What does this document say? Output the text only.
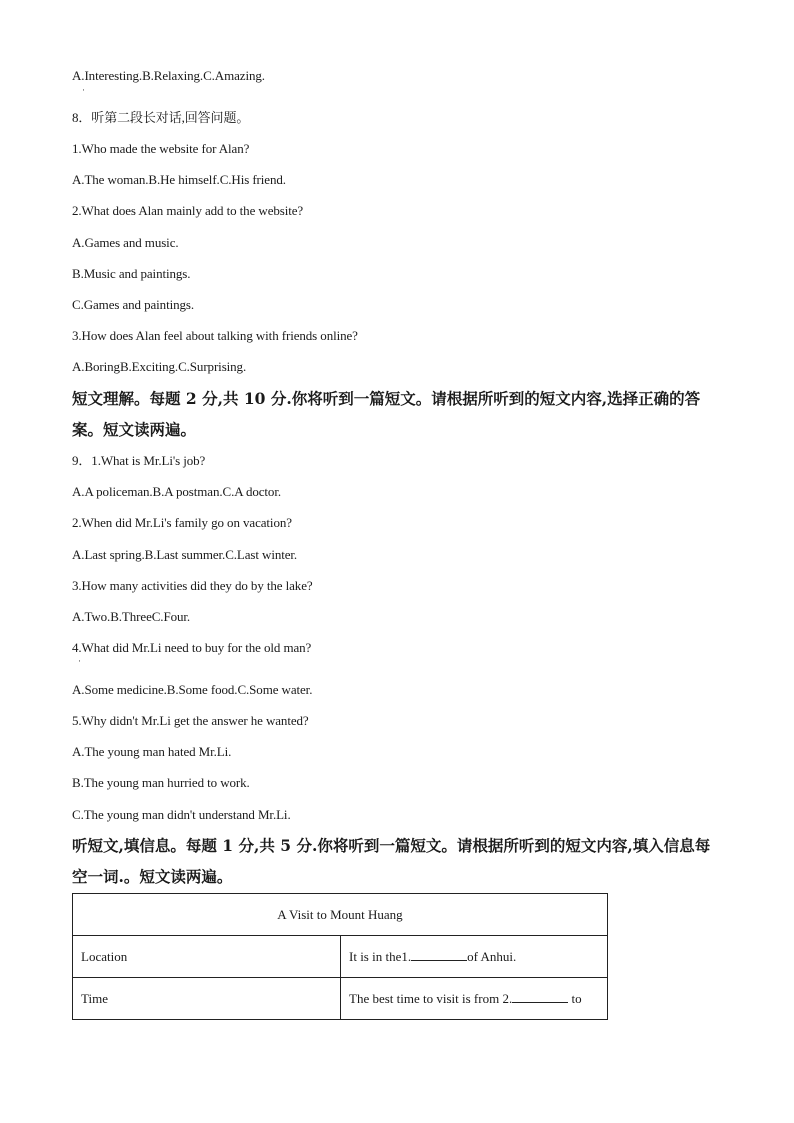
A.Interesting.B.Relaxing.C.Amazing.
·
8．听第二段长对话,回答问题。
1.Who made the website for Alan?
A.The woman.B.He himself.C.His friend.
2.What does Alan mainly add to the website?
A.Games and music.
B.Music and paintings.
C.Games and paintings.
3.How does Alan feel about talking with friends online?
A.BoringB.Exciting.C.Surprising.
短文理解。每题 2 分,共 10 分.你将听到一篇短文。请根据所听到的短文内容,选择正确的答案。短文读两遍。
9．1.What is Mr.Li's job?
A.A policeman.B.A postman.C.A doctor.
2.When did Mr.Li's family go on vacation?
A.Last spring.B.Last summer.C.Last winter.
3.How many activities did they do by the lake?
A.Two.B.ThreeC.Four.
4.What did Mr.Li need to buy for the old man?
·
A.Some medicine.B.Some food.C.Some water.
5.Why didn't Mr.Li get the answer he wanted?
A.The young man hated Mr.Li.
B.The young man hurried to work.
C.The young man didn't understand Mr.Li.
听短文,填信息。每题 1 分,共 5 分.你将听到一篇短文。请根据所听到的短文内容,填入信息每空一词.。短文读两遍。
A Visit to Mount Huang	
Location	It is in the1. of Anhui.
Time	The best time to visit is from 2. to
